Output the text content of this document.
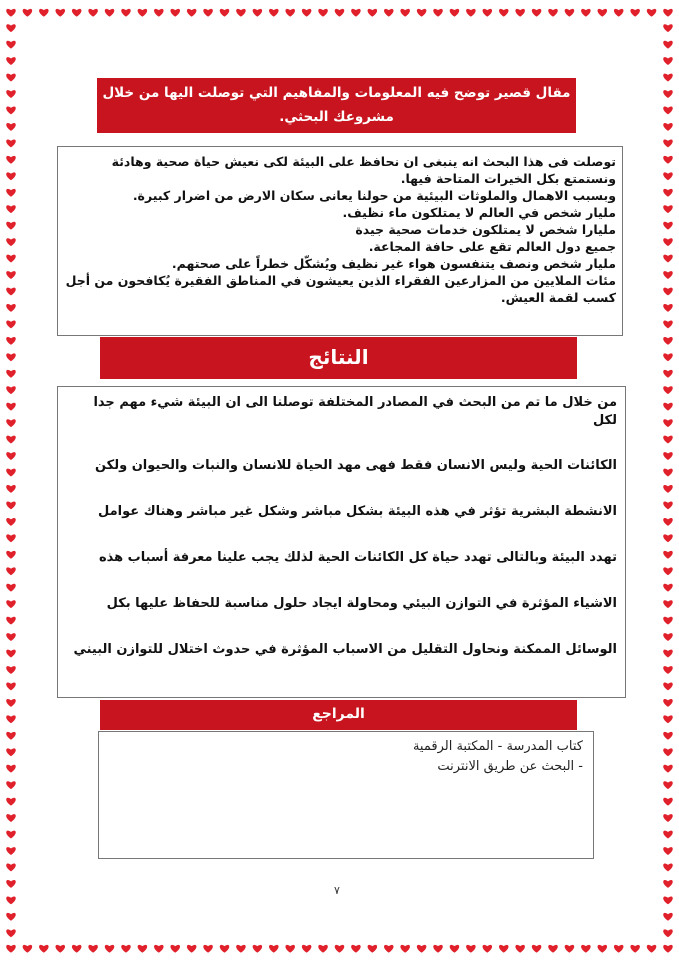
مقال قصير توضح فيه المعلومات والمفاهيم التي توصلت اليها من خلال مشروعك البحثي.

توصلت فى هذا البحث انه ينبغى ان نحافظ على البيئة لكى نعيش حياة صحية وهادئة ونستمتع بكل الخيرات المتاحة فيها.

وبسبب الاهمال والملوثات البيئية من حولنا يعانى سكان الارض من اضرار كبيرة.

مليار شخص في العالم لا يمتلكون ماء نظيف.

مليارا شخص لا يمتلكون خدمات صحية جيدة

جميع دول العالم تقع على حافة المجاعة.

مليار شخص ونصف يتنفسون هواء غير نظيف ويُشكّل خطراً على صحتهم.

مئات الملايين من المزارعين الفقراء الذين يعيشون في المناطق الفقيرة يُكافحون من أجل كسب لقمة العيش.

النتائج

من خلال ما تم من البحث في المصادر المختلفة توصلنا الى ان البيئة شيء مهم جدا لكل

الكائنات الحية وليس الانسان فقط فهى مهد الحياة للانسان والنبات والحيوان ولكن

الانشطة البشرية تؤثر في هذه البيئة بشكل مباشر وشكل غير مباشر وهناك عوامل

تهدد البيئة وبالتالى تهدد حياة كل الكائنات الحية لذلك يجب علينا معرفة أسباب هذه

الاشياء المؤثرة في التوازن البيئي ومحاولة ايجاد حلول مناسبة للحفاظ عليها بكل

الوسائل الممكنة ونحاول التقليل من الاسباب المؤثرة في حدوث اختلال للتوازن البيني

المراجع

كتاب المدرسة - المكتبة الرقمية

- البحث عن طريق الانترنت

٧
